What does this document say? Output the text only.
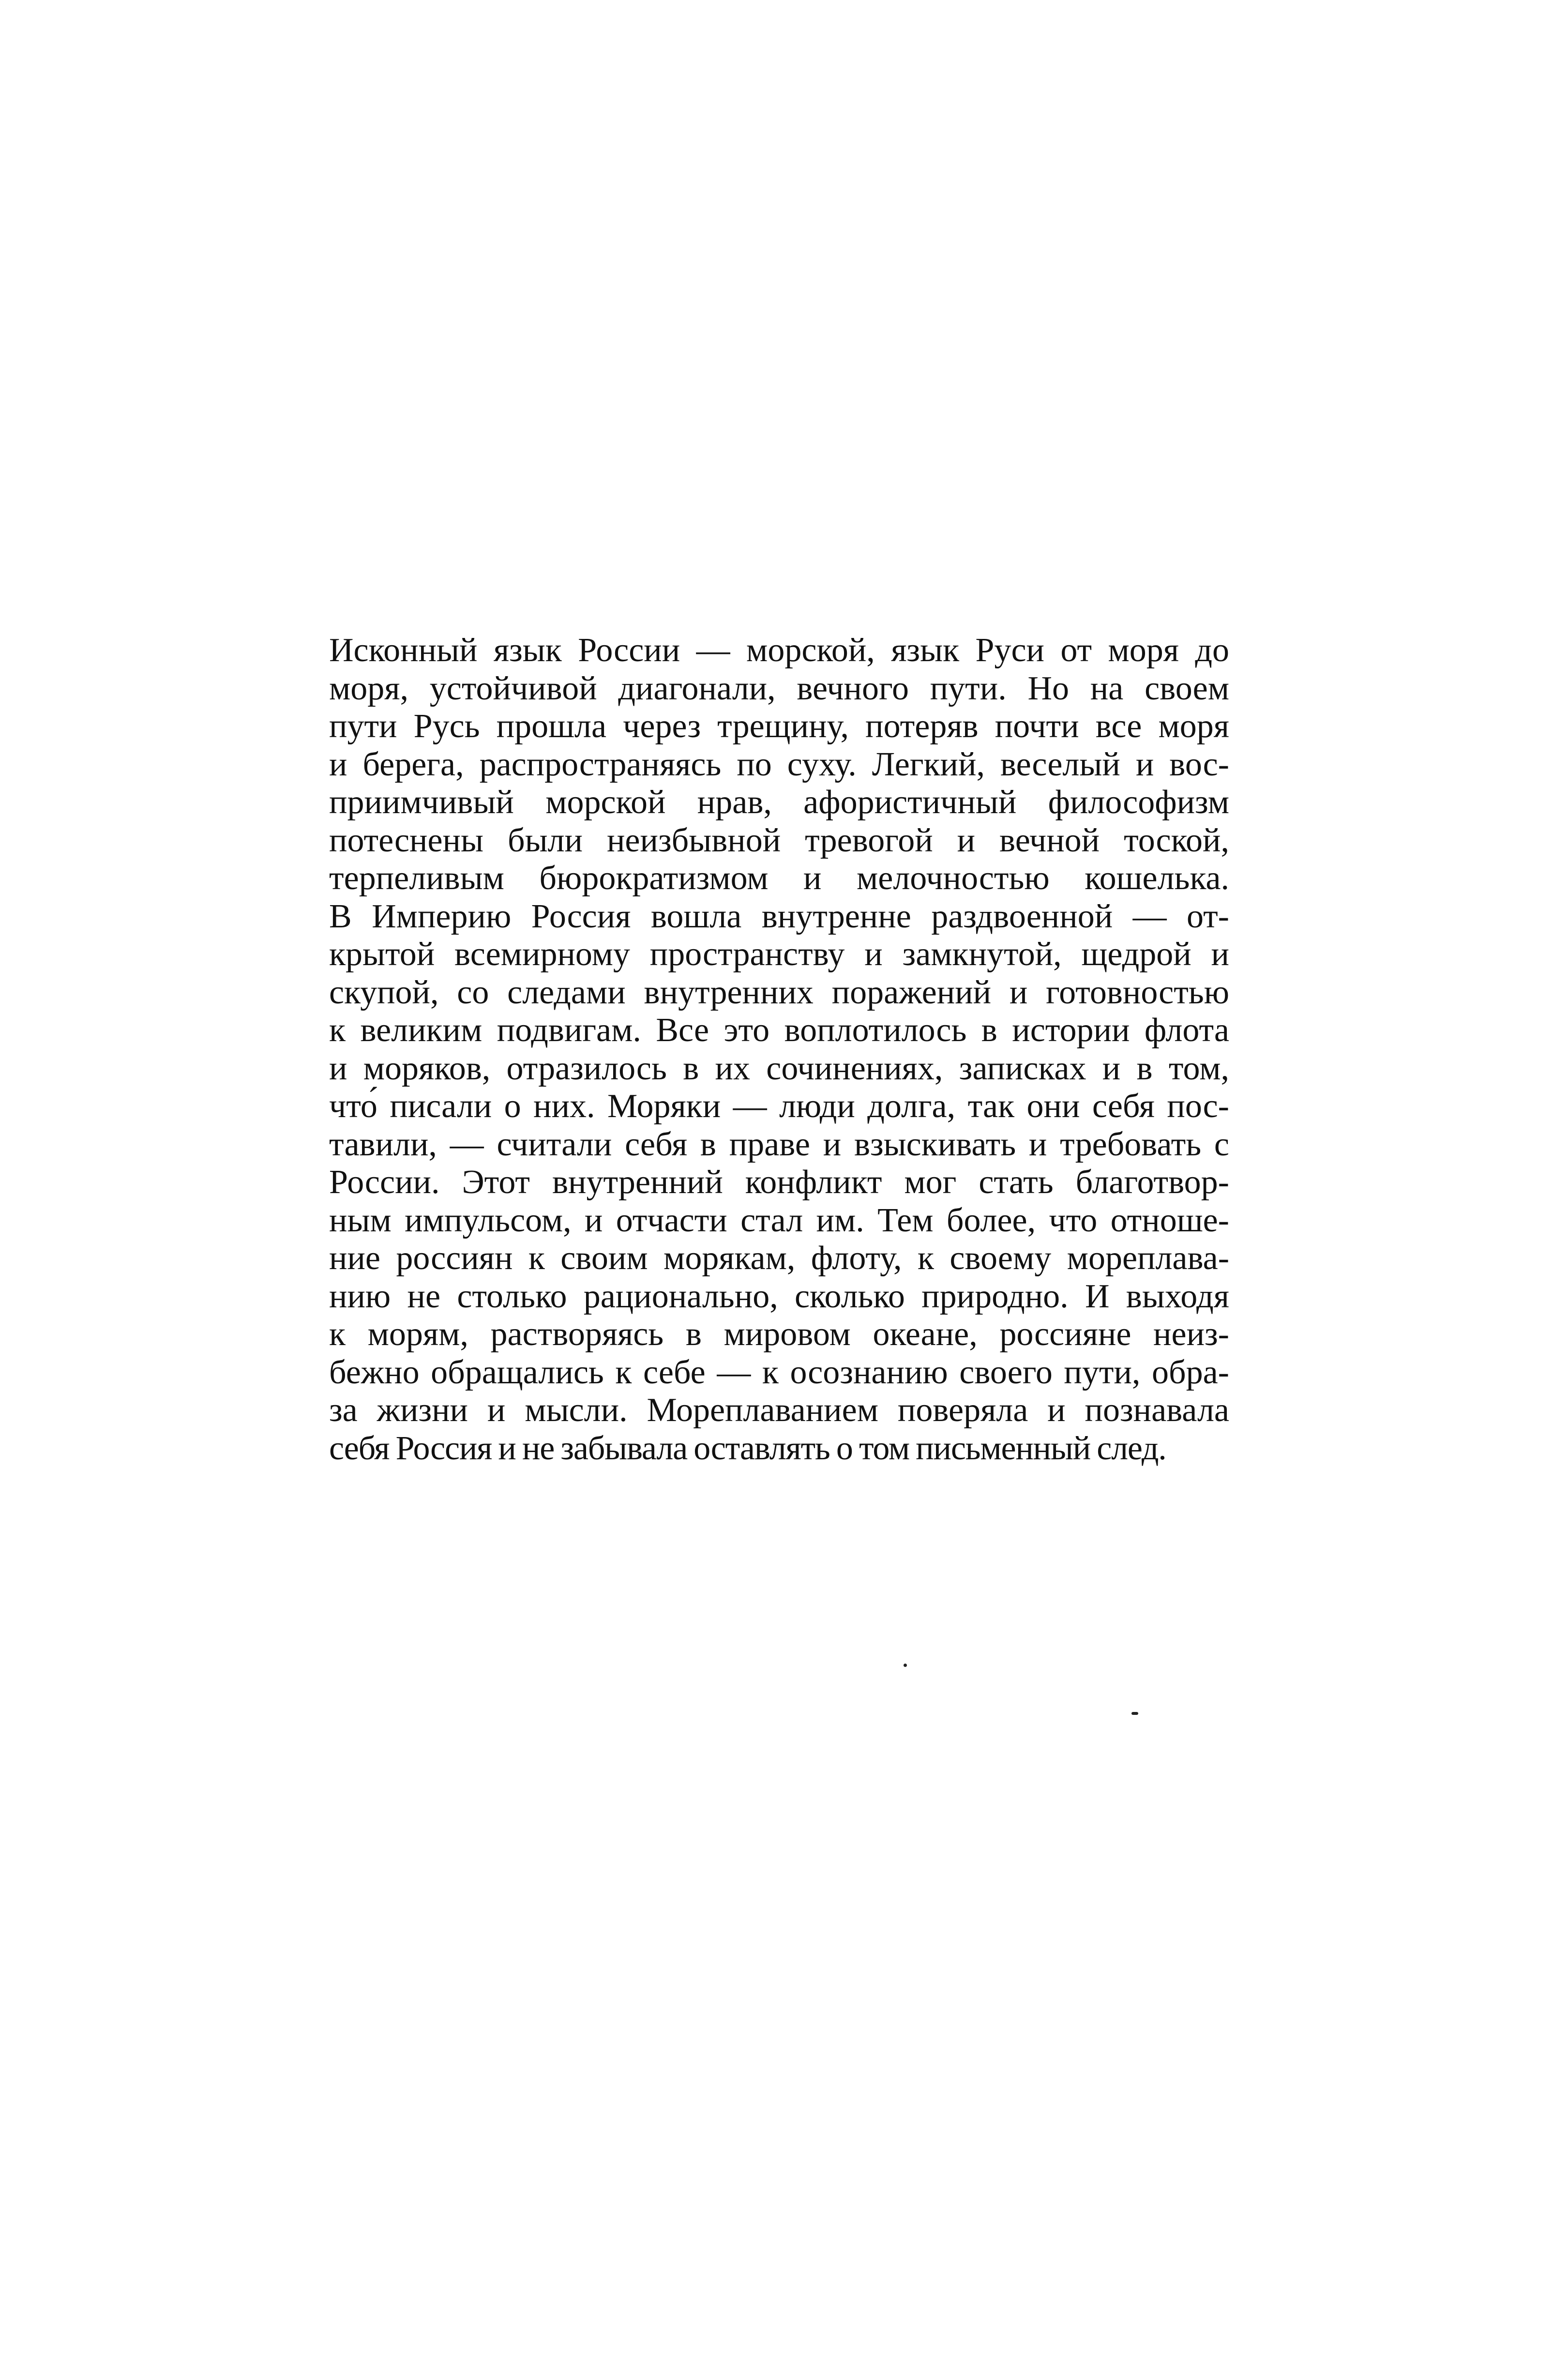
Исконный язык России — морской, язык Руси от моря до
моря, устойчивой диагонали, вечного пути. Но на своем
пути Русь прошла через трещину, потеряв почти все моря
и берега, распространяясь по суху. Легкий, веселый и вос-
приимчивый морской нрав, афористичный философизм
потеснены были неизбывной тревогой и вечной тоской,
терпеливым бюрократизмом и мелочностью кошелька.
В Империю Россия вошла внутренне раздвоенной — от-
крытой всемирному пространству и замкнутой, щедрой и
скупой, со следами внутренних поражений и готовностью
к великим подвигам. Все это воплотилось в истории флота
и моряков, отразилось в их сочинениях, записках и в том,
что́ писали о них. Моряки — люди долга, так они себя пос-
тавили, — считали себя в праве и взыскивать и требовать с
России. Этот внутренний конфликт мог стать благотвор-
ным импульсом, и отчасти стал им. Тем более, что отноше-
ние россиян к своим морякам, флоту, к своему мореплава-
нию не столько рационально, сколько природно. И выходя
к морям, растворяясь в мировом океане, россияне неиз-
бежно обращались к себе — к осознанию своего пути, обра-
за жизни и мысли. Мореплаванием поверяла и познавала
себя Россия и не забывала оставлять о том письменный след.
